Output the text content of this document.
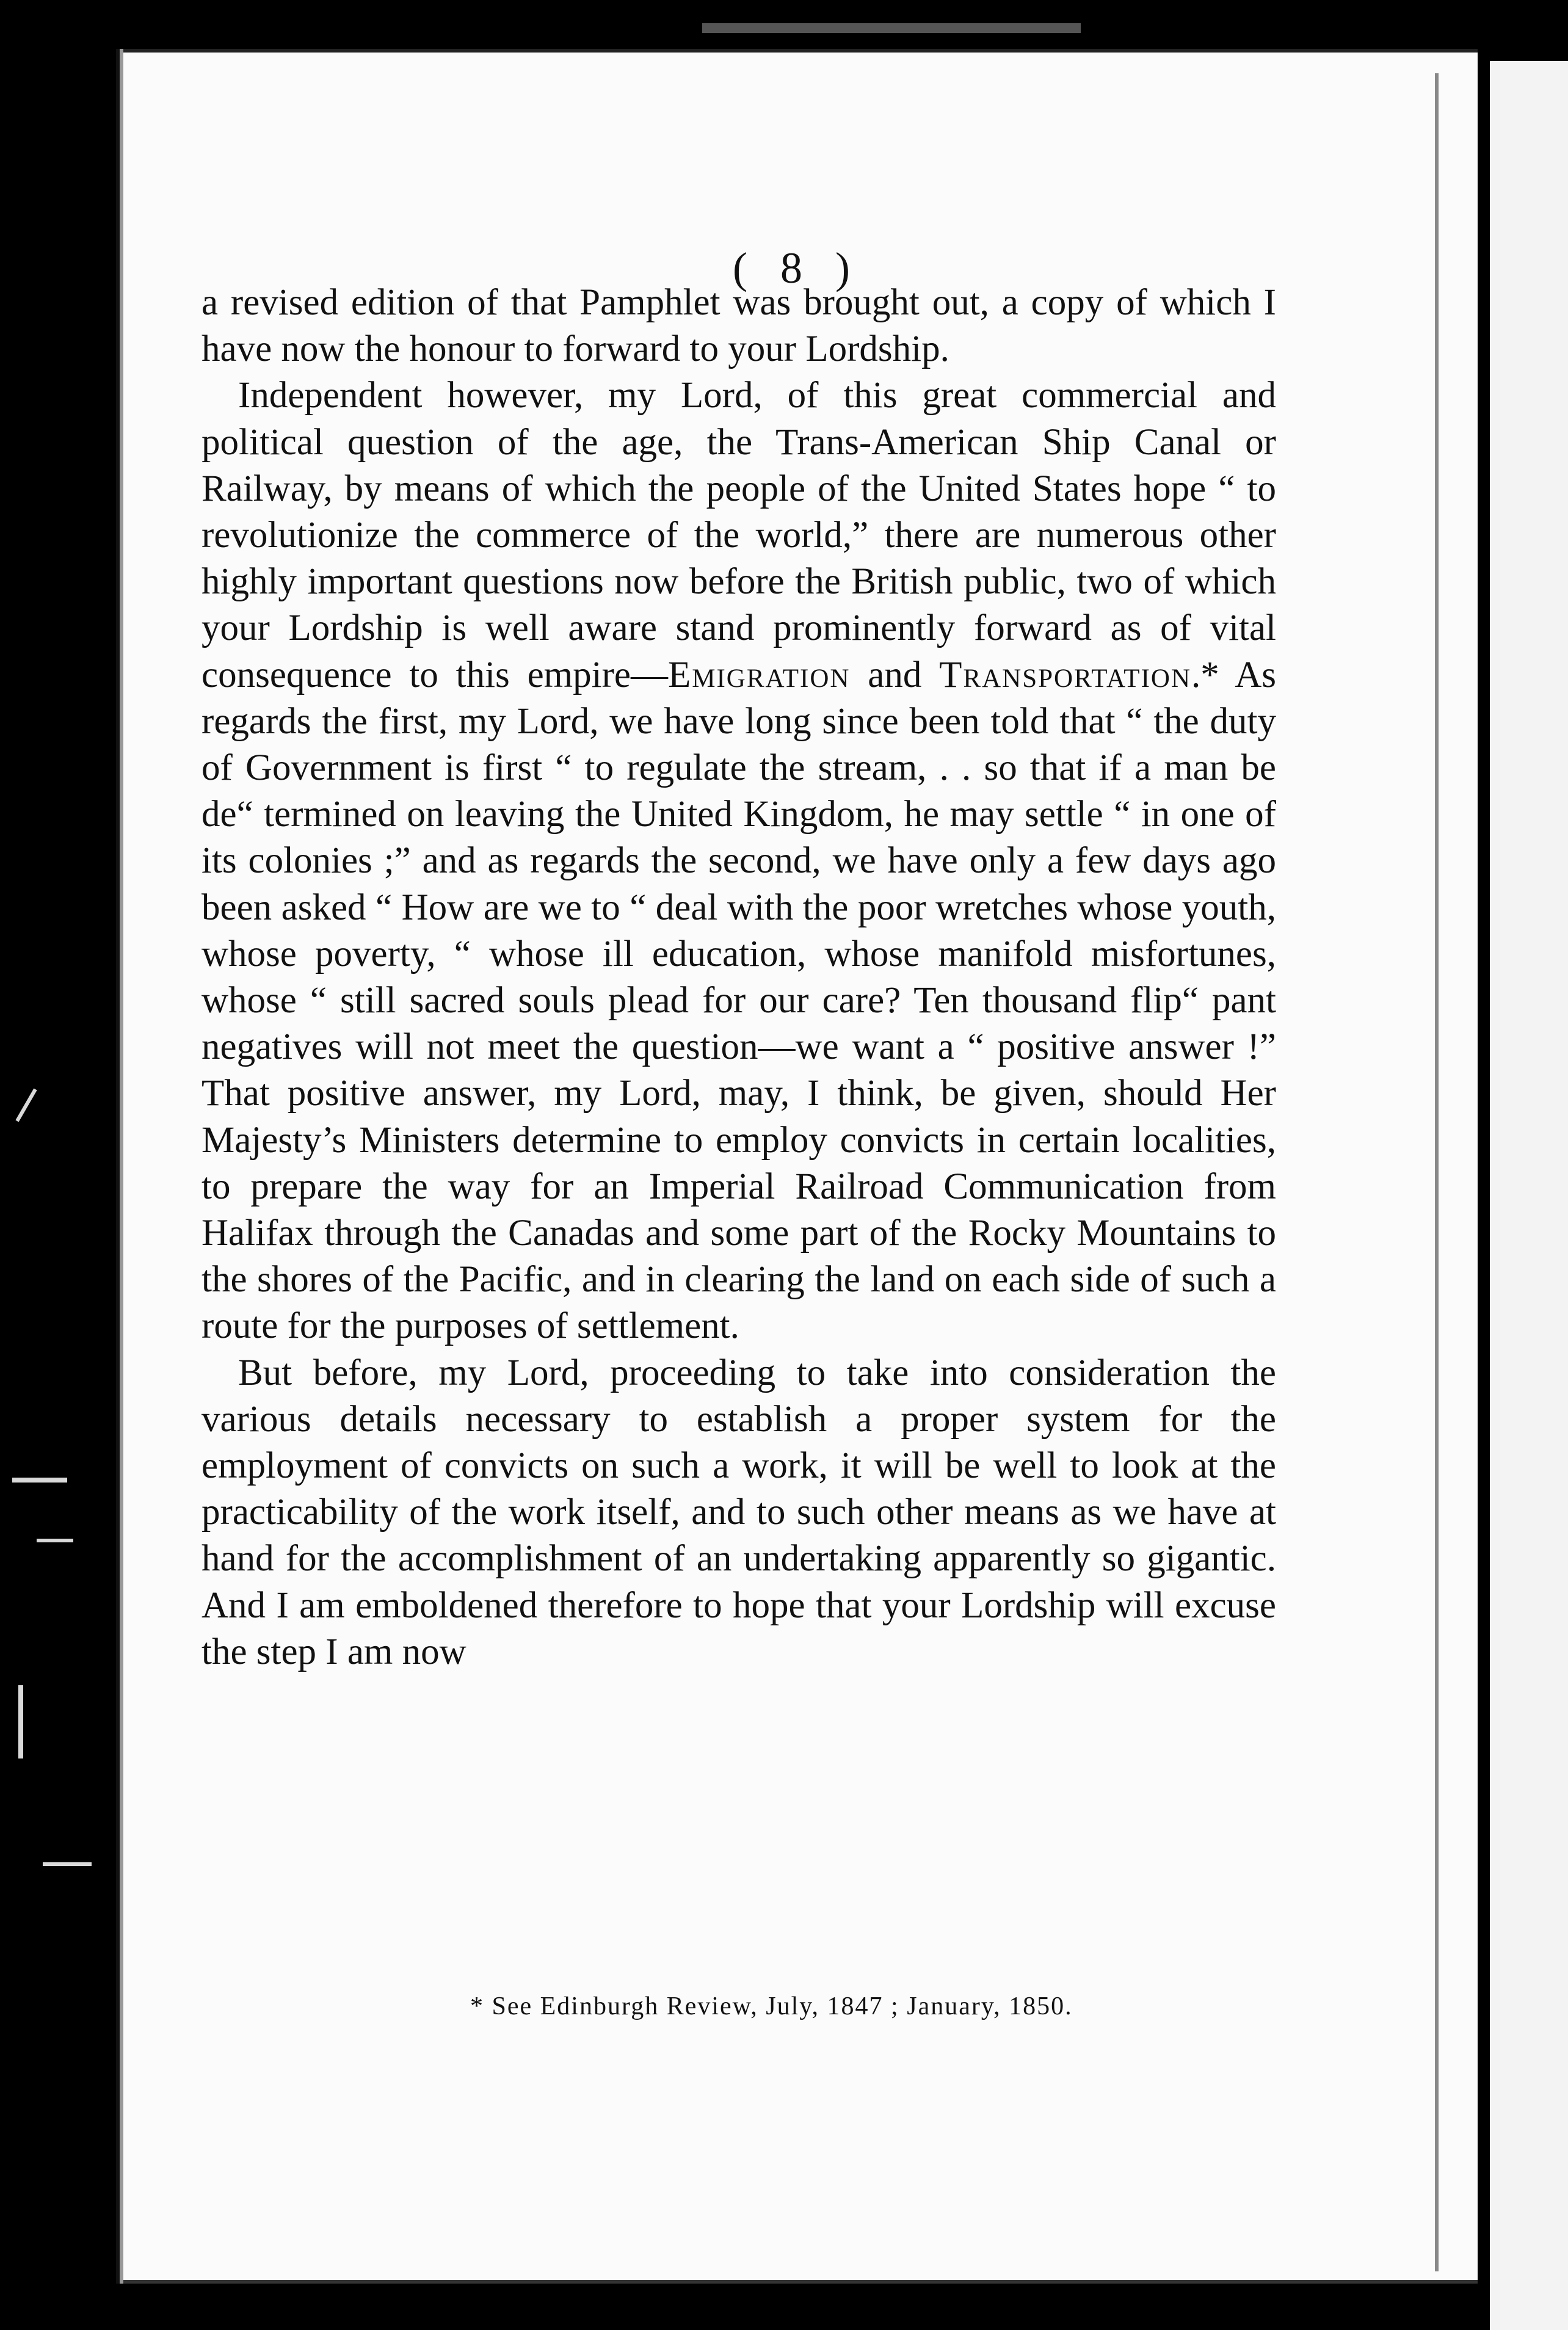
( 8 )

a revised edition of that Pamphlet was brought out, a copy of which I have now the honour to forward to your Lordship.

Independent however, my Lord, of this great commercial and political question of the age, the Trans-American Ship Canal or Railway, by means of which the people of the United States hope “ to revolutionize the commerce of the world,” there are numerous other highly important questions now before the British public, two of which your Lordship is well aware stand prominently forward as of vital consequence to this empire—Emigration and Transportation.* As regards the first, my Lord, we have long since been told that “ the duty of Government is first “ to regulate the stream, . . so that if a man be de“ termined on leaving the United Kingdom, he may settle “ in one of its colonies ;” and as regards the second, we have only a few days ago been asked “ How are we to “ deal with the poor wretches whose youth, whose poverty, “ whose ill education, whose manifold misfortunes, whose “ still sacred souls plead for our care? Ten thousand flip“ pant negatives will not meet the question—we want a “ positive answer !” That positive answer, my Lord, may, I think, be given, should Her Majesty’s Ministers determine to employ convicts in certain localities, to prepare the way for an Imperial Railroad Communication from Halifax through the Canadas and some part of the Rocky Mountains to the shores of the Pacific, and in clearing the land on each side of such a route for the purposes of settlement.

But before, my Lord, proceeding to take into consideration the various details necessary to establish a proper system for the employment of convicts on such a work, it will be well to look at the practicability of the work itself, and to such other means as we have at hand for the accomplishment of an undertaking apparently so gigantic. And I am emboldened therefore to hope that your Lordship will excuse the step I am now

* See Edinburgh Review, July, 1847 ; January, 1850.
